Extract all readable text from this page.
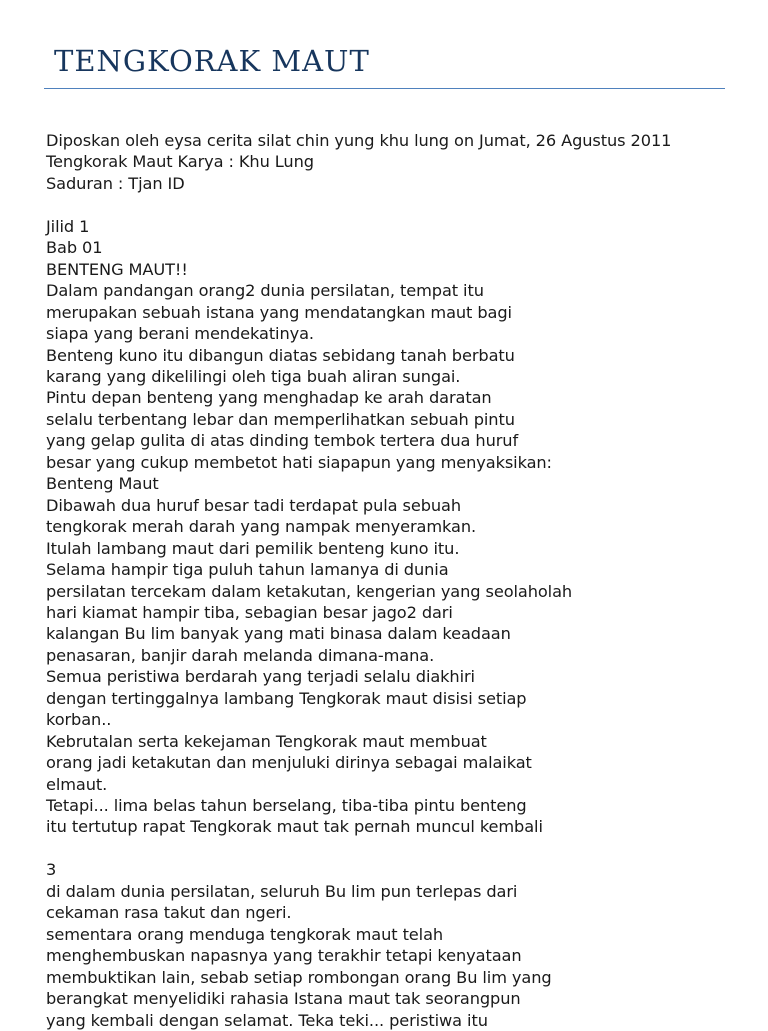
TENGKORAK MAUT
Diposkan oleh eysa cerita silat chin yung khu lung on Jumat, 26 Agustus 2011
Tengkorak Maut Karya : Khu Lung
Saduran : Tjan ID
Jilid 1
Bab 01
BENTENG MAUT!!
Dalam pandangan orang2 dunia persilatan, tempat itu
merupakan sebuah istana yang mendatangkan maut bagi
siapa yang berani mendekatinya.
Benteng kuno itu dibangun diatas sebidang tanah berbatu
karang yang dikelilingi oleh tiga buah aliran sungai.
Pintu depan benteng yang menghadap ke arah daratan
selalu terbentang lebar dan memperlihatkan sebuah pintu
yang gelap gulita di atas dinding tembok tertera dua huruf
besar yang cukup membetot hati siapapun yang menyaksikan:
Benteng Maut
Dibawah dua huruf besar tadi terdapat pula sebuah
tengkorak merah darah yang nampak menyeramkan.
Itulah lambang maut dari pemilik benteng kuno itu.
Selama hampir tiga puluh tahun lamanya di dunia
persilatan tercekam dalam ketakutan, kengerian yang seolaholah
hari kiamat hampir tiba, sebagian besar jago2 dari
kalangan Bu lim banyak yang mati binasa dalam keadaan
penasaran, banjir darah melanda dimana-mana.
Semua peristiwa berdarah yang terjadi selalu diakhiri
dengan tertinggalnya lambang Tengkorak maut disisi setiap
korban..
Kebrutalan serta kekejaman Tengkorak maut membuat
orang jadi ketakutan dan menjuluki dirinya sebagai malaikat
elmaut.
Tetapi... lima belas tahun berselang, tiba-tiba pintu benteng
itu tertutup rapat Tengkorak maut tak pernah muncul kembali
3
di dalam dunia persilatan, seluruh Bu lim pun terlepas dari
cekaman rasa takut dan ngeri.
sementara orang menduga tengkorak maut telah
menghembuskan napasnya yang terakhir tetapi kenyataan
membuktikan lain, sebab setiap rombongan orang Bu lim yang
berangkat menyelidiki rahasia Istana maut tak seorangpun
yang kembali dengan selamat. Teka teki... peristiwa itu
